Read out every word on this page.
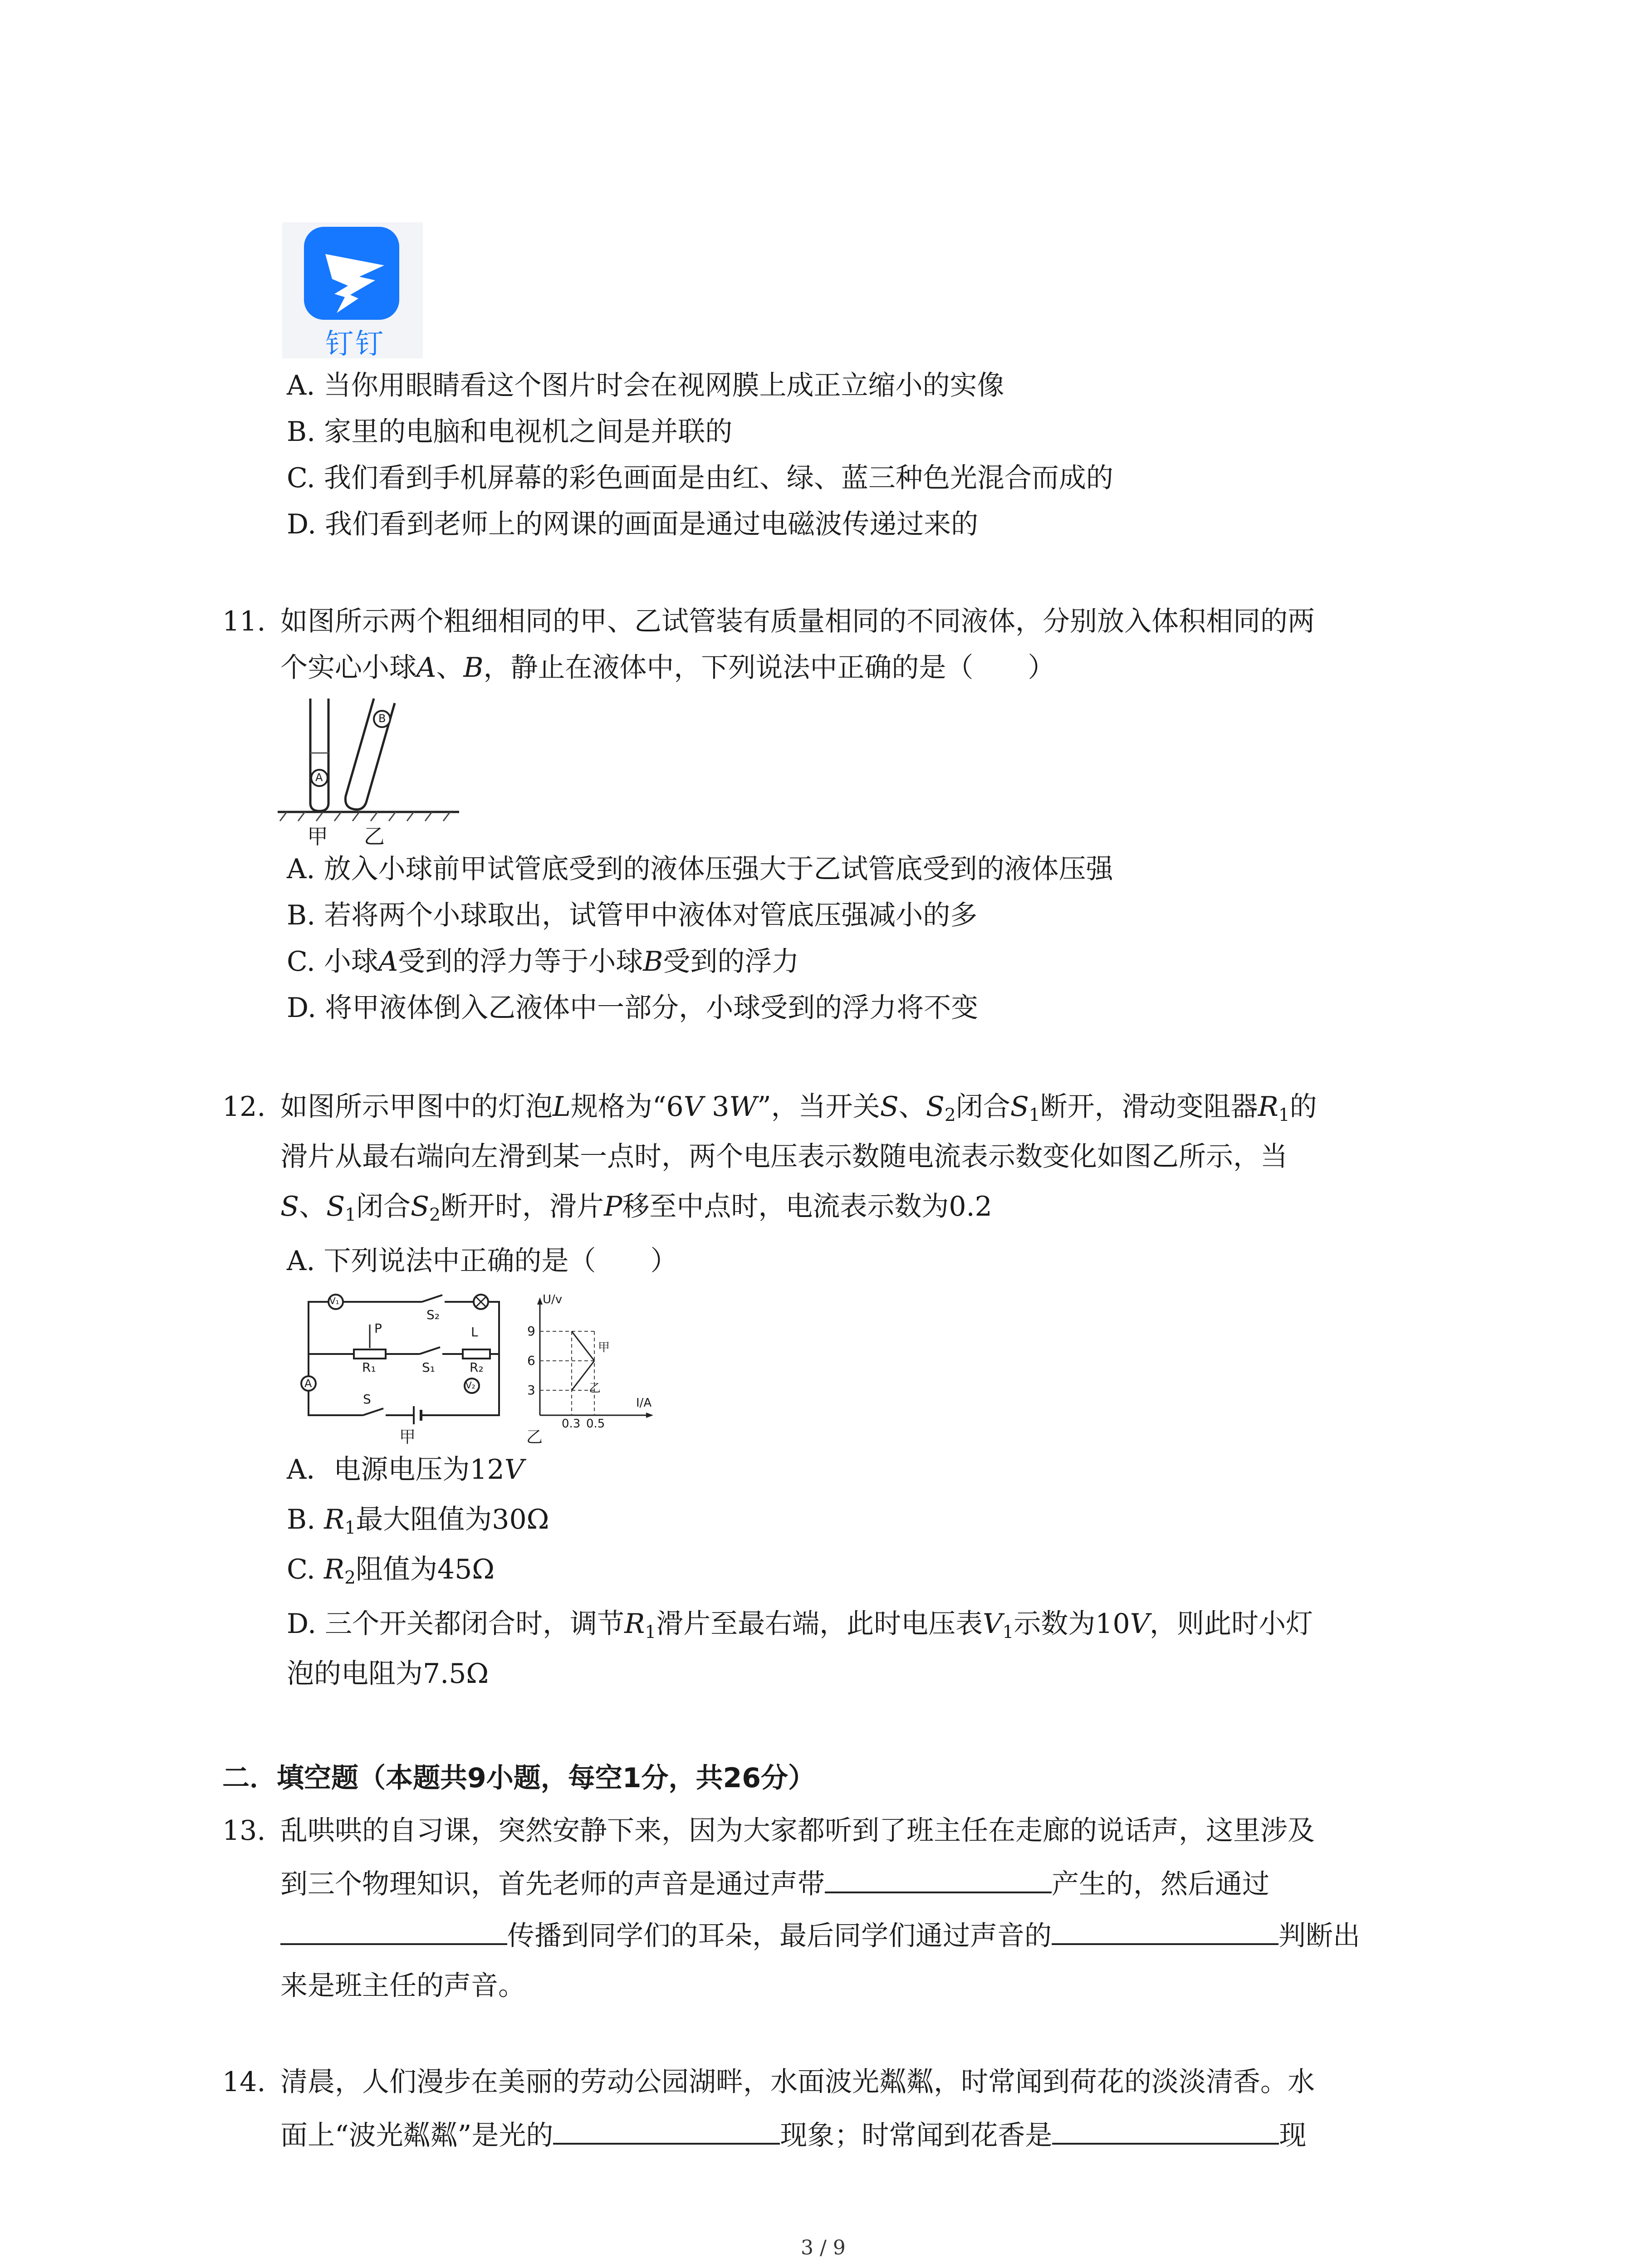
钉钉
A. 当你用眼睛看这个图片时会在视网膜上成正立缩小的实像
B. 家里的电脑和电视机之间是并联的
C. 我们看到手机屏幕的彩色画面是由红、绿、蓝三种色光混合而成的
D. 我们看到老师上的网课的画面是通过电磁波传递过来的
11. 如图所示两个粗细相同的甲、乙试管装有质量相同的不同液体，分别放入体积相同的两
个实心小球A、B，静止在液体中，下列说法中正确的是（　　）
A
B
甲 乙
A. 放入小球前甲试管底受到的液体压强大于乙试管底受到的液体压强
B. 若将两个小球取出，试管甲中液体对管底压强减小的多
C. 小球A受到的浮力等于小球B受到的浮力
D. 将甲液体倒入乙液体中一部分，小球受到的浮力将不变
12. 如图所示甲图中的灯泡L规格为“6V 3W”，当开关S、$S_2$闭合$S_1$断开，滑动变阻器$R_1$的
滑片从最右端向左滑到某一点时，两个电压表示数随电流表示数变化如图乙所示，当
S、$S_1$闭合$S_2$断开时，滑片P移至中点时，电流表示数为0.2
A. 下列说法中正确的是（　　）
V₁
P
S₂
L
R₁	S₁	R₂
A	V₂
S
甲
U/v
I/A
9
6
3
0.3 0.5
甲
乙
乙
A．电源电压为12V
B. $R_1$最大阻值为30Ω
C. $R_2$阻值为45Ω
D. 三个开关都闭合时，调节$R_1$滑片至最右端，此时电压表$V_1$示数为10V，则此时小灯
泡的电阻为7.5Ω
二．填空题（本题共9小题，每空1分，共26分）
13. 乱哄哄的自习课，突然安静下来，因为大家都听到了班主任在走廊的说话声，这里涉及
到三个物理知识，首先老师的声音是通过声带	产生的，然后通过
传播到同学们的耳朵，最后同学们通过声音的	判断出
来是班主任的声音。
14. 清晨，人们漫步在美丽的劳动公园湖畔，水面波光粼粼，时常闻到荷花的淡淡清香。水
面上“波光粼粼”是光的	现象；时常闻到花香是	现
3 / 9
